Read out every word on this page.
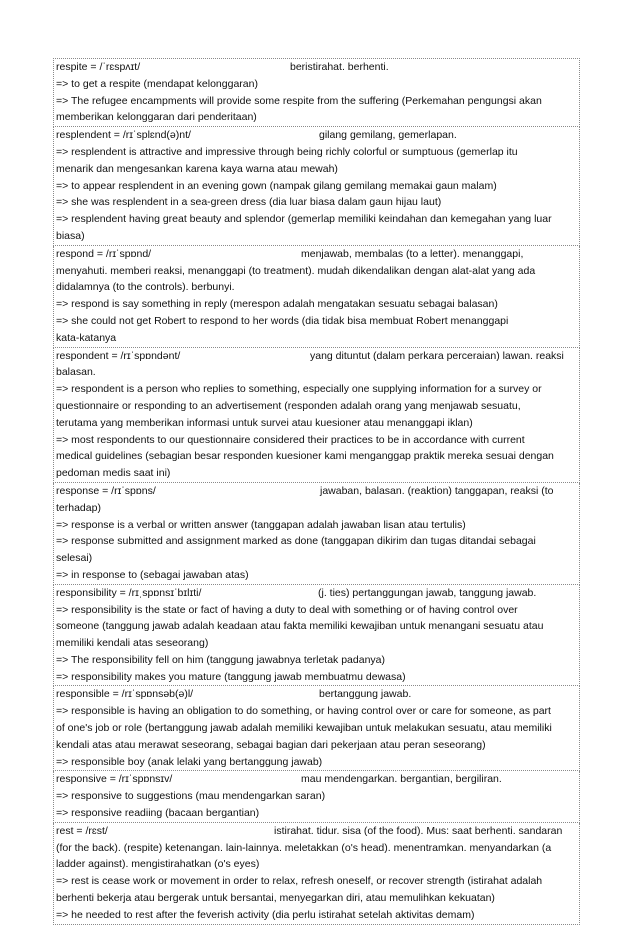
respite = /ˈrɛspʌɪt/	beristirahat. berhenti.

=> to get a respite (mendapat kelonggaran)

=> The refugee encampments will provide some respite from the suffering (Perkemahan pengungsi akan

memberikan kelonggaran dari penderitaan)

resplendent = /rɪˈsplɛnd(ə)nt/	gilang gemilang, gemerlapan.

=> resplendent is attractive and impressive through being richly colorful or sumptuous (gemerlap itu

menarik dan mengesankan karena kaya warna atau mewah)

=> to appear resplendent in an evening gown (nampak gilang gemilang memakai gaun malam)

=> she was resplendent in a sea-green dress (dia luar biasa dalam gaun hijau laut)

=> resplendent having great beauty and splendor (gemerlap memiliki keindahan dan kemegahan yang luar

biasa)

respond = /rɪˈspɒnd/	menjawab, membalas (to a letter). menanggapi,

menyahuti. memberi reaksi, menanggapi (to treatment). mudah dikendalikan dengan alat-alat yang ada

didalamnya (to the controls). berbunyi.

=> respond is say something in reply (merespon adalah mengatakan sesuatu sebagai balasan)

=> she could not get Robert to respond to her words (dia tidak bisa membuat Robert menanggapi

kata-katanya

respondent = /rɪˈspɒndənt/	yang dituntut (dalam perkara perceraian) lawan. reaksi

balasan.

=> respondent is a person who replies to something, especially one supplying information for a survey or

questionnaire or responding to an advertisement (responden adalah orang yang menjawab sesuatu,

terutama yang memberikan informasi untuk survei atau kuesioner atau menanggapi iklan)

=> most respondents to our questionnaire considered their practices to be in accordance with current

medical guidelines (sebagian besar responden kuesioner kami menganggap praktik mereka sesuai dengan

pedoman medis saat ini)

response = /rɪˈspɒns/	jawaban, balasan. (reaktion) tanggapan, reaksi (to

terhadap)

=> response is a verbal or written answer (tanggapan adalah jawaban lisan atau tertulis)

=> response submitted and assignment marked as done (tanggapan dikirim dan tugas ditandai sebagai

selesai)

=> in response to (sebagai jawaban atas)

responsibility = /rɪˌspɒnsɪˈbɪlɪti/	(j. ties) pertanggungan jawab, tanggung jawab.

=> responsibility is the state or fact of having a duty to deal with something or of having control over

someone (tanggung jawab adalah keadaan atau fakta memiliki kewajiban untuk menangani sesuatu atau

memiliki kendali atas seseorang)

=> The responsibility fell on him (tanggung jawabnya terletak padanya)

=> responsibility makes you mature (tanggung jawab membuatmu dewasa)

responsible = /rɪˈspɒnsəb(ə)l/	bertanggung jawab.

=> responsible is having an obligation to do something, or having control over or care for someone, as part

of one's job or role (bertanggung jawab adalah memiliki kewajiban untuk melakukan sesuatu, atau memiliki

kendali atas atau merawat seseorang, sebagai bagian dari pekerjaan atau peran seseorang)

=> responsible boy (anak lelaki yang bertanggung jawab)

responsive = /rɪˈspɒnsɪv/	mau mendengarkan. bergantian, bergiliran.

=> responsive to suggestions (mau mendengarkan saran)

=> responsive readiing (bacaan bergantian)

rest = /rɛst/	istirahat. tidur. sisa (of the food). Mus: saat berhenti. sandaran

(for the back). (respite) ketenangan. lain-lainnya. meletakkan (o's head). menentramkan. menyandarkan (a

ladder against). mengistirahatkan (o's eyes)

=> rest is cease work or movement in order to relax, refresh oneself, or recover strength (istirahat adalah

berhenti bekerja atau bergerak untuk bersantai, menyegarkan diri, atau memulihkan kekuatan)

=> he needed to rest after the feverish activity (dia perlu istirahat setelah aktivitas demam)
